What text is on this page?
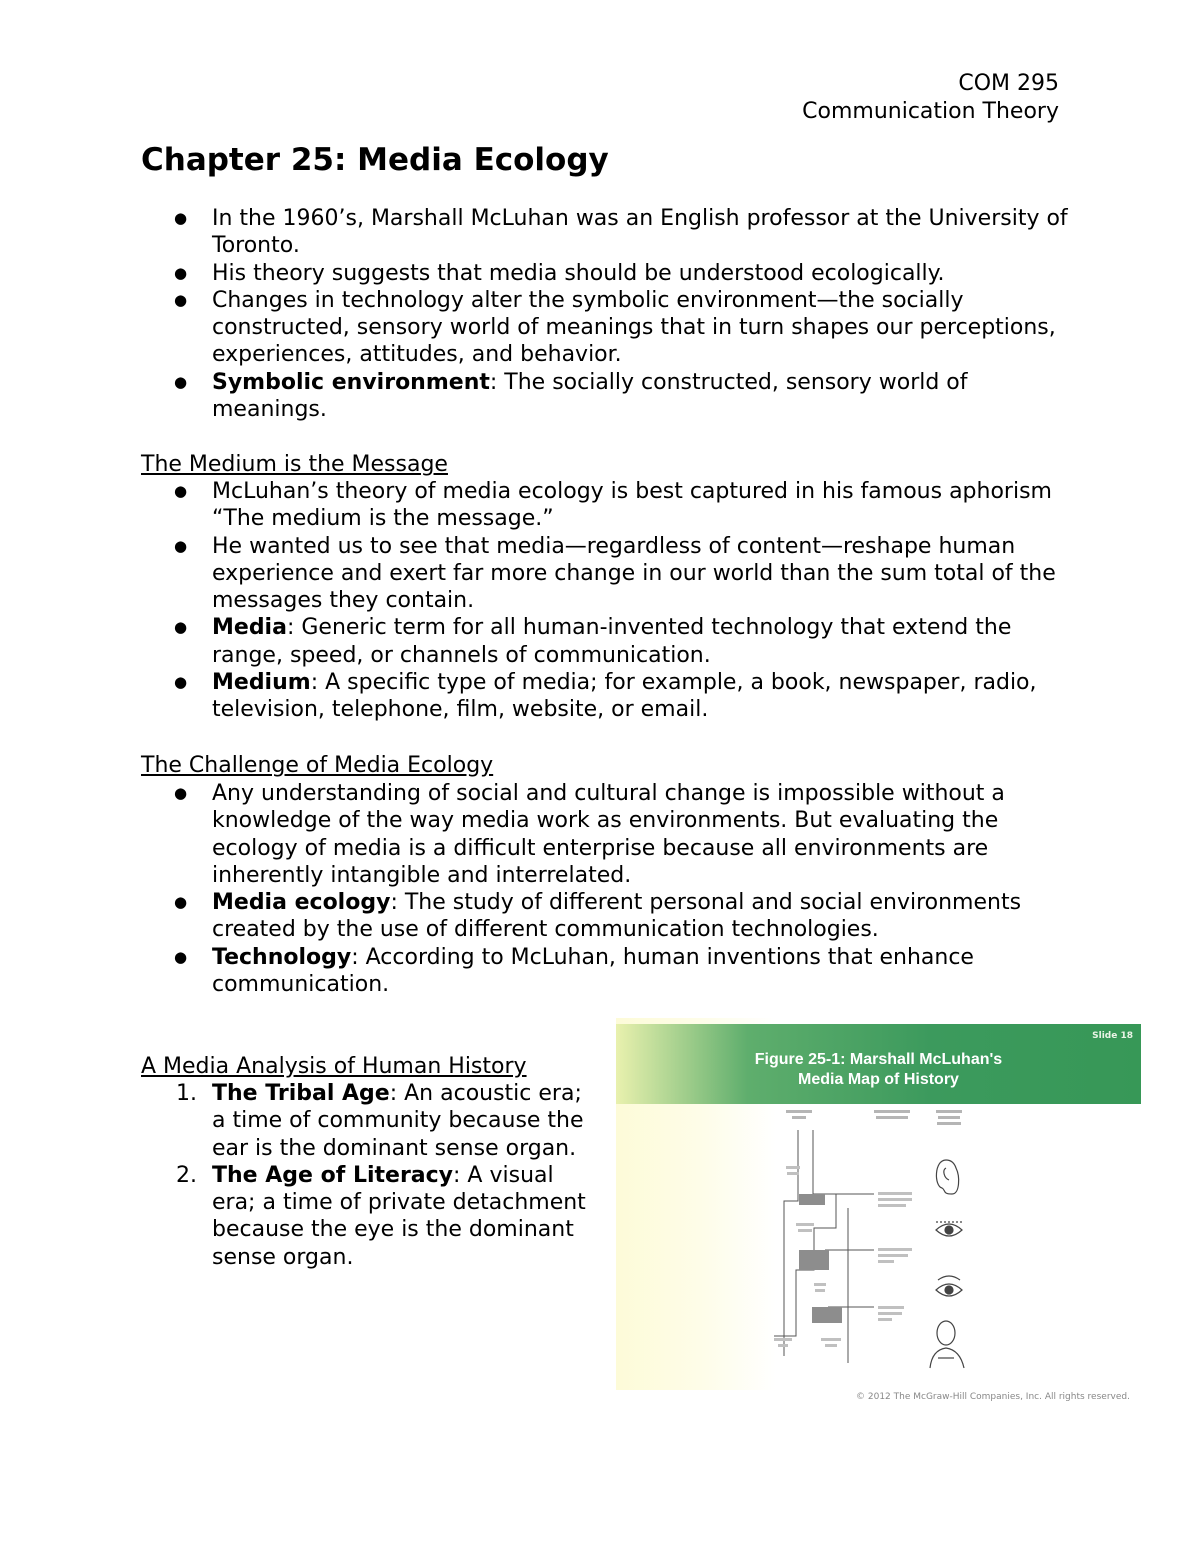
COM 295
Communication Theory
Chapter 25: Media Ecology
● In the 1960’s, Marshall McLuhan was an English professor at the University of Toronto.
● His theory suggests that media should be understood ecologically.
● Changes in technology alter the symbolic environment—the socially constructed, sensory world of meanings that in turn shapes our perceptions, experiences, attitudes, and behavior.
● Symbolic environment: The socially constructed, sensory world of meanings.
The Medium is the Message
● McLuhan’s theory of media ecology is best captured in his famous aphorism “The medium is the message.”
● He wanted us to see that media—regardless of content—reshape human experience and exert far more change in our world than the sum total of the messages they contain.
● Media: Generic term for all human-invented technology that extend the range, speed, or channels of communication.
● Medium: A specific type of media; for example, a book, newspaper, radio, television, telephone, film, website, or email.
The Challenge of Media Ecology
● Any understanding of social and cultural change is impossible without a knowledge of the way media work as environments. But evaluating the ecology of media is a difficult enterprise because all environments are inherently intangible and interrelated.
● Media ecology: The study of different personal and social environments created by the use of different communication technologies.
● Technology: According to McLuhan, human inventions that enhance communication.
A Media Analysis of Human History
1. The Tribal Age: An acoustic era; a time of community because the ear is the dominant sense organ.
2. The Age of Literacy: A visual era; a time of private detachment because the eye is the dominant sense organ.
Slide 18
Figure 25-1: Marshall McLuhan's
Media Map of History
© 2012 The McGraw-Hill Companies, Inc. All rights reserved.
